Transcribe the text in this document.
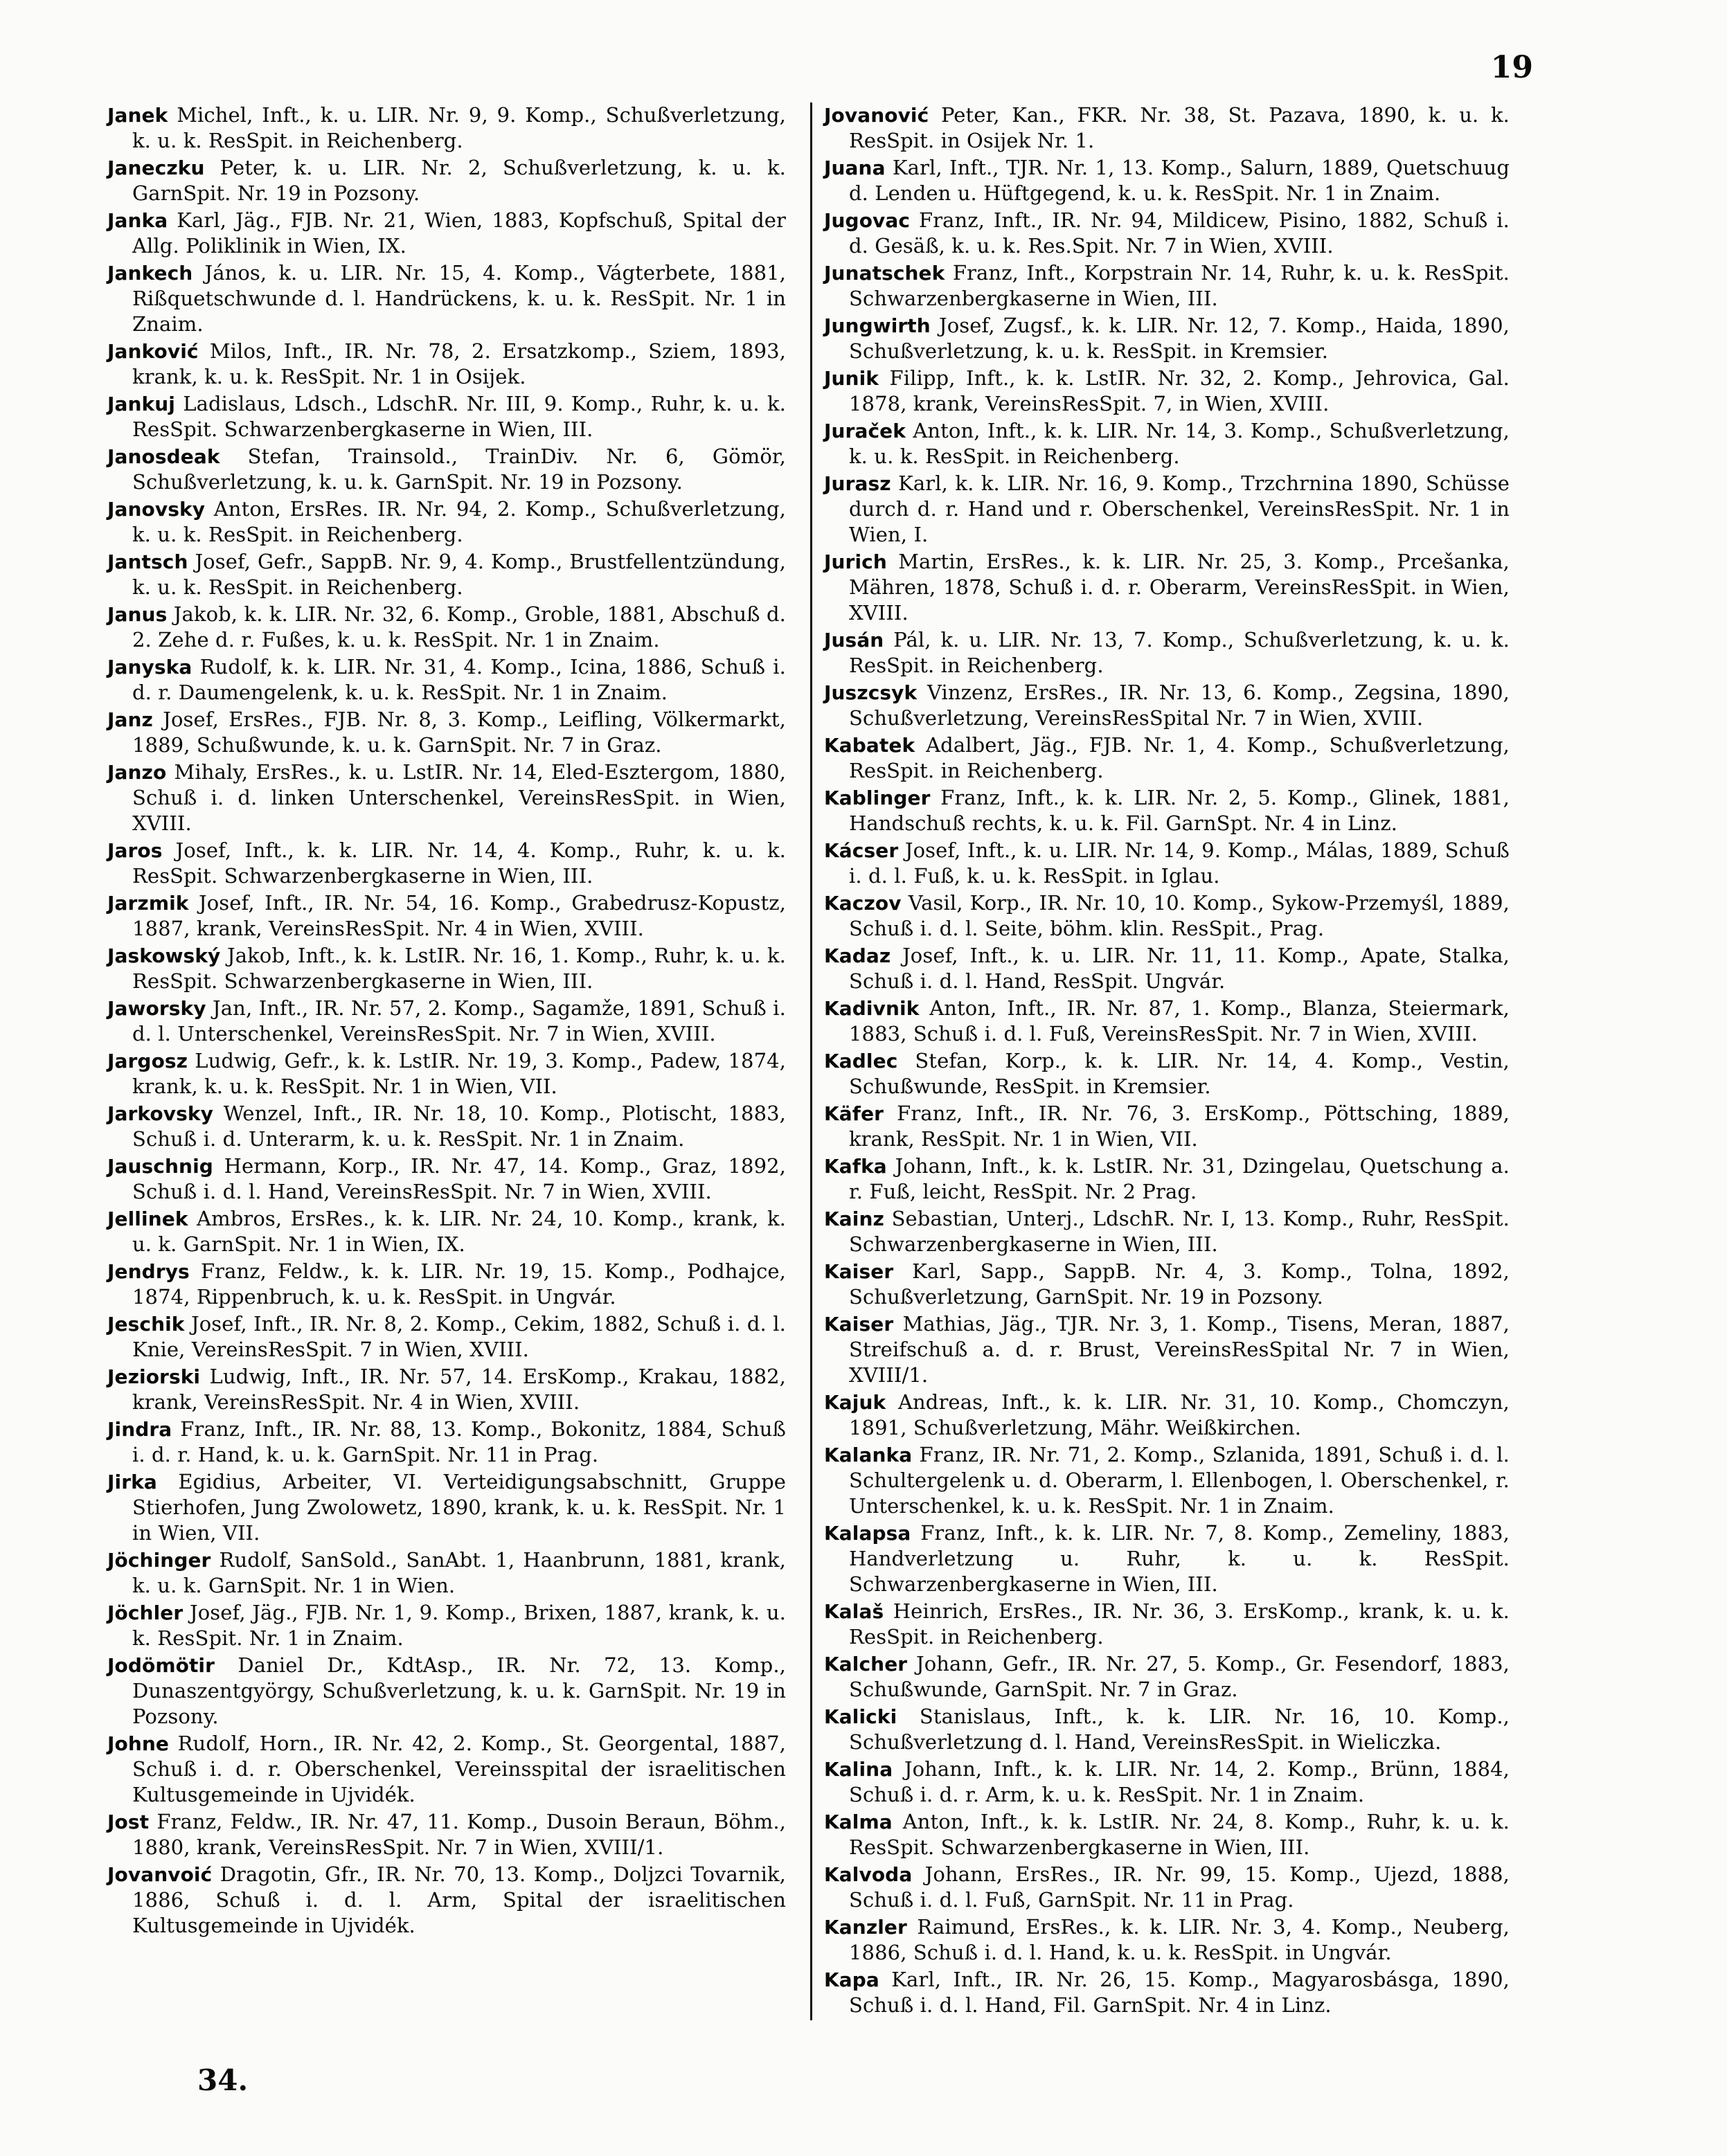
19

Janek Michel, Inft., k. u. LIR. Nr. 9, 9. Komp., Schußverletzung, k. u. k. ResSpit. in Reichenberg.

Janeczku Peter, k. u. LIR. Nr. 2, Schußverletzung, k. u. k. GarnSpit. Nr. 19 in Pozsony.

Janka Karl, Jäg., FJB. Nr. 21, Wien, 1883, Kopfschuß, Spital der Allg. Poliklinik in Wien, IX.

Jankech János, k. u. LIR. Nr. 15, 4. Komp., Vágterbete, 1881, Rißquetschwunde d. l. Handrückens, k. u. k. ResSpit. Nr. 1 in Znaim.

Janković Milos, Inft., IR. Nr. 78, 2. Ersatzkomp., Sziem, 1893, krank, k. u. k. ResSpit. Nr. 1 in Osijek.

Jankuj Ladislaus, Ldsch., LdschR. Nr. III, 9. Komp., Ruhr, k. u. k. ResSpit. Schwarzenbergkaserne in Wien, III.

Janosdeak Stefan, Trainsold., TrainDiv. Nr. 6, Gömör, Schußverletzung, k. u. k. GarnSpit. Nr. 19 in Pozsony.

Janovsky Anton, ErsRes. IR. Nr. 94, 2. Komp., Schußverletzung, k. u. k. ResSpit. in Reichenberg.

Jantsch Josef, Gefr., SappB. Nr. 9, 4. Komp., Brustfellentzündung, k. u. k. ResSpit. in Reichenberg.

Janus Jakob, k. k. LIR. Nr. 32, 6. Komp., Groble, 1881, Abschuß d. 2. Zehe d. r. Fußes, k. u. k. ResSpit. Nr. 1 in Znaim.

Janyska Rudolf, k. k. LIR. Nr. 31, 4. Komp., Icina, 1886, Schuß i. d. r. Daumengelenk, k. u. k. ResSpit. Nr. 1 in Znaim.

Janz Josef, ErsRes., FJB. Nr. 8, 3. Komp., Leifling, Völkermarkt, 1889, Schußwunde, k. u. k. GarnSpit. Nr. 7 in Graz.

Janzo Mihaly, ErsRes., k. u. LstIR. Nr. 14, Eled-Esztergom, 1880, Schuß i. d. linken Unterschenkel, VereinsResSpit. in Wien, XVIII.

Jaros Josef, Inft., k. k. LIR. Nr. 14, 4. Komp., Ruhr, k. u. k. ResSpit. Schwarzenbergkaserne in Wien, III.

Jarzmik Josef, Inft., IR. Nr. 54, 16. Komp., Grabedrusz-Kopustz, 1887, krank, VereinsResSpit. Nr. 4 in Wien, XVIII.

Jaskowský Jakob, Inft., k. k. LstIR. Nr. 16, 1. Komp., Ruhr, k. u. k. ResSpit. Schwarzenbergkaserne in Wien, III.

Jaworsky Jan, Inft., IR. Nr. 57, 2. Komp., Sagamže, 1891, Schuß i. d. l. Unterschenkel, VereinsResSpit. Nr. 7 in Wien, XVIII.

Jargosz Ludwig, Gefr., k. k. LstIR. Nr. 19, 3. Komp., Padew, 1874, krank, k. u. k. ResSpit. Nr. 1 in Wien, VII.

Jarkovsky Wenzel, Inft., IR. Nr. 18, 10. Komp., Plotischt, 1883, Schuß i. d. Unterarm, k. u. k. ResSpit. Nr. 1 in Znaim.

Jauschnig Hermann, Korp., IR. Nr. 47, 14. Komp., Graz, 1892, Schuß i. d. l. Hand, VereinsResSpit. Nr. 7 in Wien, XVIII.

Jellinek Ambros, ErsRes., k. k. LIR. Nr. 24, 10. Komp., krank, k. u. k. GarnSpit. Nr. 1 in Wien, IX.

Jendrys Franz, Feldw., k. k. LIR. Nr. 19, 15. Komp., Podhajce, 1874, Rippenbruch, k. u. k. ResSpit. in Ungvár.

Jeschik Josef, Inft., IR. Nr. 8, 2. Komp., Cekim, 1882, Schuß i. d. l. Knie, VereinsResSpit. 7 in Wien, XVIII.

Jeziorski Ludwig, Inft., IR. Nr. 57, 14. ErsKomp., Krakau, 1882, krank, VereinsResSpit. Nr. 4 in Wien, XVIII.

Jindra Franz, Inft., IR. Nr. 88, 13. Komp., Bokonitz, 1884, Schuß i. d. r. Hand, k. u. k. GarnSpit. Nr. 11 in Prag.

Jirka Egidius, Arbeiter, VI. Verteidigungsabschnitt, Gruppe Stierhofen, Jung Zwolowetz, 1890, krank, k. u. k. ResSpit. Nr. 1 in Wien, VII.

Jöchinger Rudolf, SanSold., SanAbt. 1, Haanbrunn, 1881, krank, k. u. k. GarnSpit. Nr. 1 in Wien.

Jöchler Josef, Jäg., FJB. Nr. 1, 9. Komp., Brixen, 1887, krank, k. u. k. ResSpit. Nr. 1 in Znaim.

Jodömötir Daniel Dr., KdtAsp., IR. Nr. 72, 13. Komp., Dunaszentgyörgy, Schußverletzung, k. u. k. GarnSpit. Nr. 19 in Pozsony.

Johne Rudolf, Horn., IR. Nr. 42, 2. Komp., St. Georgental, 1887, Schuß i. d. r. Oberschenkel, Vereinsspital der israelitischen Kultusgemeinde in Ujvidék.

Jost Franz, Feldw., IR. Nr. 47, 11. Komp., Dusoin Beraun, Böhm., 1880, krank, VereinsResSpit. Nr. 7 in Wien, XVIII/1.

Jovanvoić Dragotin, Gfr., IR. Nr. 70, 13. Komp., Doljzci Tovarnik, 1886, Schuß i. d. l. Arm, Spital der israelitischen Kultusgemeinde in Ujvidék.

Jovanović Peter, Kan., FKR. Nr. 38, St. Pazava, 1890, k. u. k. ResSpit. in Osijek Nr. 1.

Juana Karl, Inft., TJR. Nr. 1, 13. Komp., Salurn, 1889, Quetschuug d. Lenden u. Hüftgegend, k. u. k. ResSpit. Nr. 1 in Znaim.

Jugovac Franz, Inft., IR. Nr. 94, Mildicew, Pisino, 1882, Schuß i. d. Gesäß, k. u. k. Res.Spit. Nr. 7 in Wien, XVIII.

Junatschek Franz, Inft., Korpstrain Nr. 14, Ruhr, k. u. k. ResSpit. Schwarzenbergkaserne in Wien, III.

Jungwirth Josef, Zugsf., k. k. LIR. Nr. 12, 7. Komp., Haida, 1890, Schußverletzung, k. u. k. ResSpit. in Kremsier.

Junik Filipp, Inft., k. k. LstIR. Nr. 32, 2. Komp., Jehrovica, Gal. 1878, krank, VereinsResSpit. 7, in Wien, XVIII.

Juraček Anton, Inft., k. k. LIR. Nr. 14, 3. Komp., Schußverletzung, k. u. k. ResSpit. in Reichenberg.

Jurasz Karl, k. k. LIR. Nr. 16, 9. Komp., Trzchrnina 1890, Schüsse durch d. r. Hand und r. Oberschenkel, VereinsResSpit. Nr. 1 in Wien, I.

Jurich Martin, ErsRes., k. k. LIR. Nr. 25, 3. Komp., Prcešanka, Mähren, 1878, Schuß i. d. r. Oberarm, VereinsResSpit. in Wien, XVIII.

Jusán Pál, k. u. LIR. Nr. 13, 7. Komp., Schußverletzung, k. u. k. ResSpit. in Reichenberg.

Juszcsyk Vinzenz, ErsRes., IR. Nr. 13, 6. Komp., Zegsina, 1890, Schußverletzung, VereinsResSpital Nr. 7 in Wien, XVIII.

Kabatek Adalbert, Jäg., FJB. Nr. 1, 4. Komp., Schußverletzung, ResSpit. in Reichenberg.

Kablinger Franz, Inft., k. k. LIR. Nr. 2, 5. Komp., Glinek, 1881, Handschuß rechts, k. u. k. Fil. GarnSpt. Nr. 4 in Linz.

Kácser Josef, Inft., k. u. LIR. Nr. 14, 9. Komp., Málas, 1889, Schuß i. d. l. Fuß, k. u. k. ResSpit. in Iglau.

Kaczov Vasil, Korp., IR. Nr. 10, 10. Komp., Sykow-Przemyśl, 1889, Schuß i. d. l. Seite, böhm. klin. ResSpit., Prag.

Kadaz Josef, Inft., k. u. LIR. Nr. 11, 11. Komp., Apate, Stalka, Schuß i. d. l. Hand, ResSpit. Ungvár.

Kadivnik Anton, Inft., IR. Nr. 87, 1. Komp., Blanza, Steiermark, 1883, Schuß i. d. l. Fuß, VereinsResSpit. Nr. 7 in Wien, XVIII.

Kadlec Stefan, Korp., k. k. LIR. Nr. 14, 4. Komp., Vestin, Schußwunde, ResSpit. in Kremsier.

Käfer Franz, Inft., IR. Nr. 76, 3. ErsKomp., Pöttsching, 1889, krank, ResSpit. Nr. 1 in Wien, VII.

Kafka Johann, Inft., k. k. LstIR. Nr. 31, Dzingelau, Quetschung a. r. Fuß, leicht, ResSpit. Nr. 2 Prag.

Kainz Sebastian, Unterj., LdschR. Nr. I, 13. Komp., Ruhr, ResSpit. Schwarzenbergkaserne in Wien, III.

Kaiser Karl, Sapp., SappB. Nr. 4, 3. Komp., Tolna, 1892, Schußverletzung, GarnSpit. Nr. 19 in Pozsony.

Kaiser Mathias, Jäg., TJR. Nr. 3, 1. Komp., Tisens, Meran, 1887, Streifschuß a. d. r. Brust, VereinsResSpital Nr. 7 in Wien, XVIII/1.

Kajuk Andreas, Inft., k. k. LIR. Nr. 31, 10. Komp., Chomczyn, 1891, Schußverletzung, Mähr. Weißkirchen.

Kalanka Franz, IR. Nr. 71, 2. Komp., Szlanida, 1891, Schuß i. d. l. Schultergelenk u. d. Oberarm, l. Ellenbogen, l. Oberschenkel, r. Unterschenkel, k. u. k. ResSpit. Nr. 1 in Znaim.

Kalapsa Franz, Inft., k. k. LIR. Nr. 7, 8. Komp., Zemeliny, 1883, Handverletzung u. Ruhr, k. u. k. ResSpit. Schwarzenbergkaserne in Wien, III.

Kalaš Heinrich, ErsRes., IR. Nr. 36, 3. ErsKomp., krank, k. u. k. ResSpit. in Reichenberg.

Kalcher Johann, Gefr., IR. Nr. 27, 5. Komp., Gr. Fesendorf, 1883, Schußwunde, GarnSpit. Nr. 7 in Graz.

Kalicki Stanislaus, Inft., k. k. LIR. Nr. 16, 10. Komp., Schußverletzung d. l. Hand, VereinsResSpit. in Wieliczka.

Kalina Johann, Inft., k. k. LIR. Nr. 14, 2. Komp., Brünn, 1884, Schuß i. d. r. Arm, k. u. k. ResSpit. Nr. 1 in Znaim.

Kalma Anton, Inft., k. k. LstIR. Nr. 24, 8. Komp., Ruhr, k. u. k. ResSpit. Schwarzenbergkaserne in Wien, III.

Kalvoda Johann, ErsRes., IR. Nr. 99, 15. Komp., Ujezd, 1888, Schuß i. d. l. Fuß, GarnSpit. Nr. 11 in Prag.

Kanzler Raimund, ErsRes., k. k. LIR. Nr. 3, 4. Komp., Neuberg, 1886, Schuß i. d. l. Hand, k. u. k. ResSpit. in Ungvár.

Kapa Karl, Inft., IR. Nr. 26, 15. Komp., Magyarosbásga, 1890, Schuß i. d. l. Hand, Fil. GarnSpit. Nr. 4 in Linz.

34.
